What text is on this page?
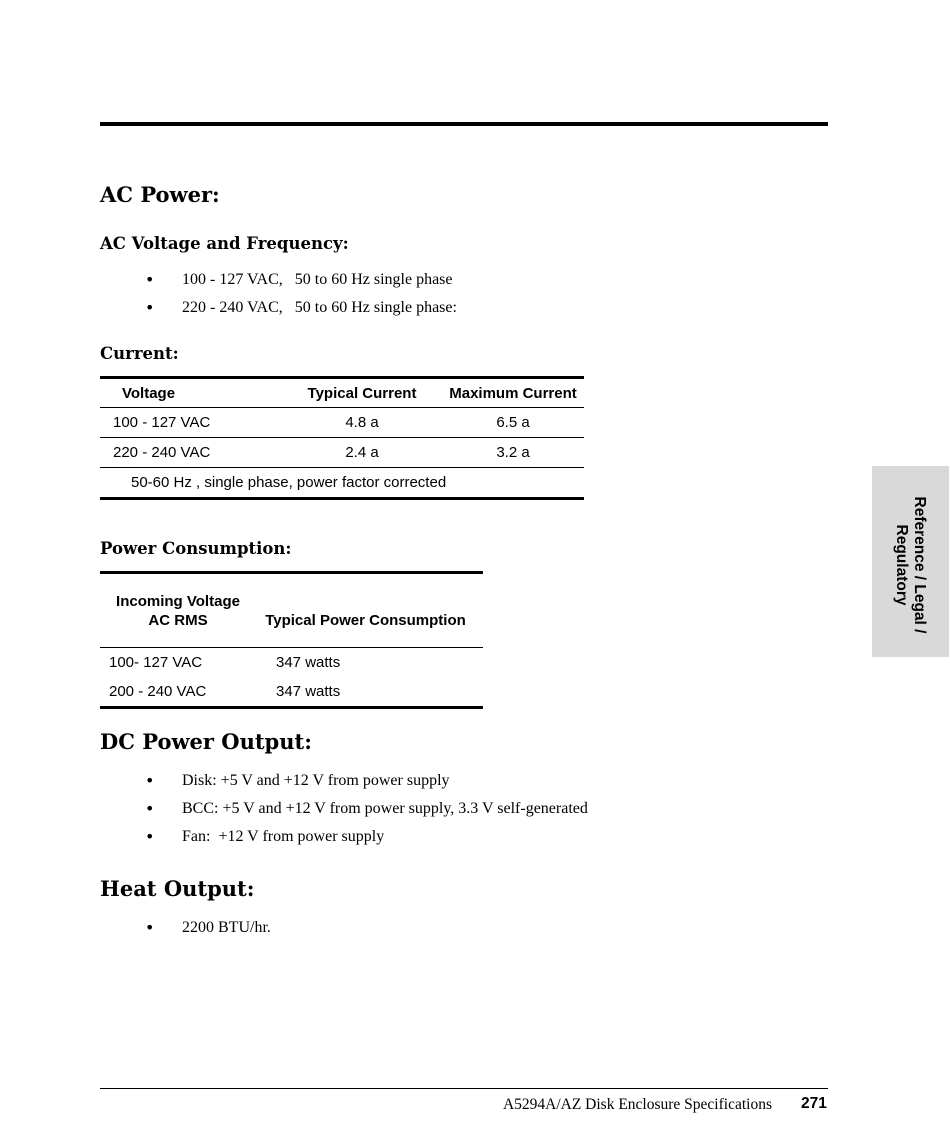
AC Power:
AC Voltage and Frequency:
• 100 - 127 VAC,   50 to 60 Hz single phase
• 220 - 240 VAC,   50 to 60 Hz single phase:
Current:
Voltage	Typical Current	Maximum Current
100 - 127 VAC	4.8 a	6.5 a
220 - 240 VAC	2.4 a	3.2 a
50-60 Hz , single phase, power factor corrected		
Power Consumption:
Incoming Voltage
AC RMS	Typical Power Consumption
100- 127 VAC	347 watts
200 - 240 VAC	347 watts
DC Power Output:
• Disk: +5 V and +12 V from power supply
• BCC: +5 V and +12 V from power supply, 3.3 V self-generated
• Fan:  +12 V from power supply
Heat Output:
• 2200 BTU/hr.
Reference / Legal /
Regulatory
A5294A/AZ Disk Enclosure Specifications 271
